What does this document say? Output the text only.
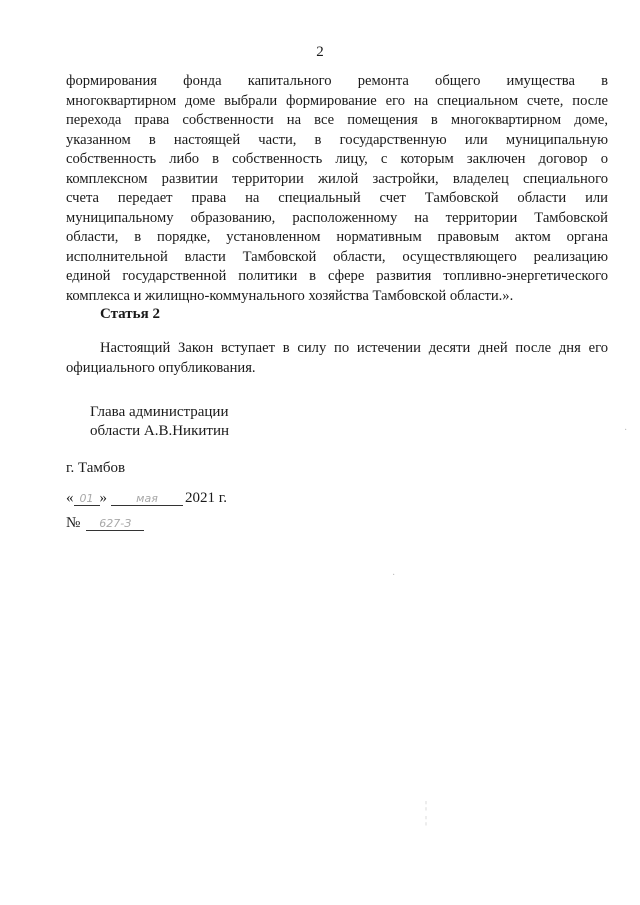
2
формирования фонда капитального ремонта общего имущества в
многоквартирном доме выбрали формирование его на специальном счете, после
перехода права собственности на все помещения в многоквартирном доме,
указанном в настоящей части, в государственную или муниципальную
собственность либо в собственность лицу, с которым заключен договор о
комплексном развитии территории жилой застройки, владелец специального
счета передает права на специальный счет Тамбовской области или
муниципальному образованию, расположенному на территории Тамбовской
области, в порядке, установленном нормативным правовым актом органа
исполнительной власти Тамбовской области, осуществляющего реализацию
единой государственной политики в сфере развития топливно-энергетического
комплекса и жилищно-коммунального хозяйства Тамбовской области.».
Статья 2
Настоящий Закон вступает в силу по истечении десяти дней после дня его
официального опубликования.
Глава администрации
области А.В.Никитин
г. Тамбов
« 01 »	мая	2021 г.
№	627-З
·
¦
¦
·
